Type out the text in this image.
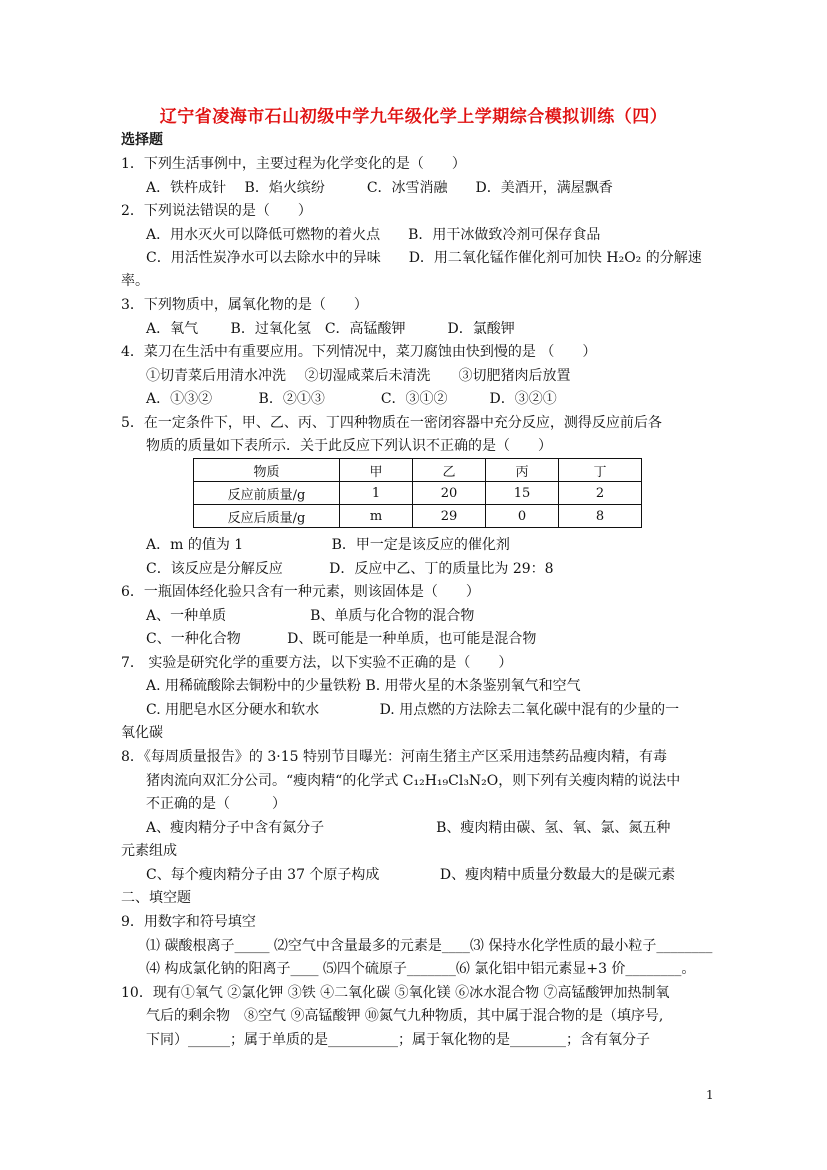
辽宁省凌海市石山初级中学九年级化学上学期综合模拟训练（四）
选择题
1．下列生活事例中，主要过程为化学变化的是（　　）
A．铁杵成针　 B．焰火缤纷　　　C．冰雪消融　　D．美酒开，满屋飘香
2．下列说法错误的是（　　）
A．用水灭火可以降低可燃物的着火点　　B．用干冰做致冷剂可保存食品
C．用活性炭净水可以去除水中的异味　　D．用二氧化锰作催化剂可加快 H₂O₂ 的分解速
率。
3．下列物质中，属氧化物的是（　　）
A．氧气　　 B．过氧化氢　C．高锰酸钾　　　D．氯酸钾
4．菜刀在生活中有重要应用。下列情况中，菜刀腐蚀由快到慢的是 （　　）
①切青菜后用清水冲洗　 ②切湿咸菜后未清洗　　③切肥猪肉后放置
A．①③②　　　 B．②①③　　　　C．③①②　　　D．③②①
5．在一定条件下，甲、乙、丙、丁四种物质在一密闭容器中充分反应，测得反应前后各
物质的质量如下表所示．关于此反应下列认识不正确的是（　　）
物质	甲	乙	丙	丁
反应前质量/g	1	20	15	2
反应后质量/g	m	29	0	8
A．m 的值为 1　　　　　　 B．甲一定是该反应的催化剂
C．该反应是分解反应　　　 D．反应中乙、丁的质量比为 29：8
6．一瓶固体经化验只含有一种元素，则该固体是（　　）
A、一种单质　　　　　　B、单质与化合物的混合物
C、一种化合物　　　 D、既可能是一种单质，也可能是混合物
7． 实验是研究化学的重要方法，以下实验不正确的是（　　）
A. 用稀硫酸除去铜粉中的少量铁粉 B. 用带火星的木条鉴别氧气和空气
C. 用肥皂水区分硬水和软水　　　　 D. 用点燃的方法除去二氧化碳中混有的少量的一
氧化碳
8．《每周质量报告》的 3·15 特别节目曝光：河南生猪主产区采用违禁药品瘦肉精，有毒
猪肉流向双汇分公司。“瘦肉精“的化学式 C₁₂H₁₉Cl₃N₂O，则下列有关瘦肉精的说法中
不正确的是（　　　）
A、瘦肉精分子中含有氮分子　　　　　　　　B、瘦肉精由碳、氢、氧、氯、氮五种
元素组成
C、每个瘦肉精分子由 37 个原子构成　　　　 D、瘦肉精中质量分数最大的是碳元素
二、填空题
9．用数字和符号填空
⑴ 碳酸根离子_____ ⑵空气中含量最多的元素是____⑶ 保持水化学性质的最小粒子________
⑷ 构成氯化钠的阳离子____ ⑸四个硫原子_______⑹ 氯化铝中铝元素显+3 价________。
10．现有①氧气 ②氯化钾 ③铁 ④二氧化碳 ⑤氧化镁 ⑥冰水混合物 ⑦高锰酸钾加热制氧
气后的剩余物　⑧空气 ⑨高锰酸钾 ⑩氮气九种物质，其中属于混合物的是（填序号,
下同）______；属于单质的是__________；属于氧化物的是________；含有氧分子
1
